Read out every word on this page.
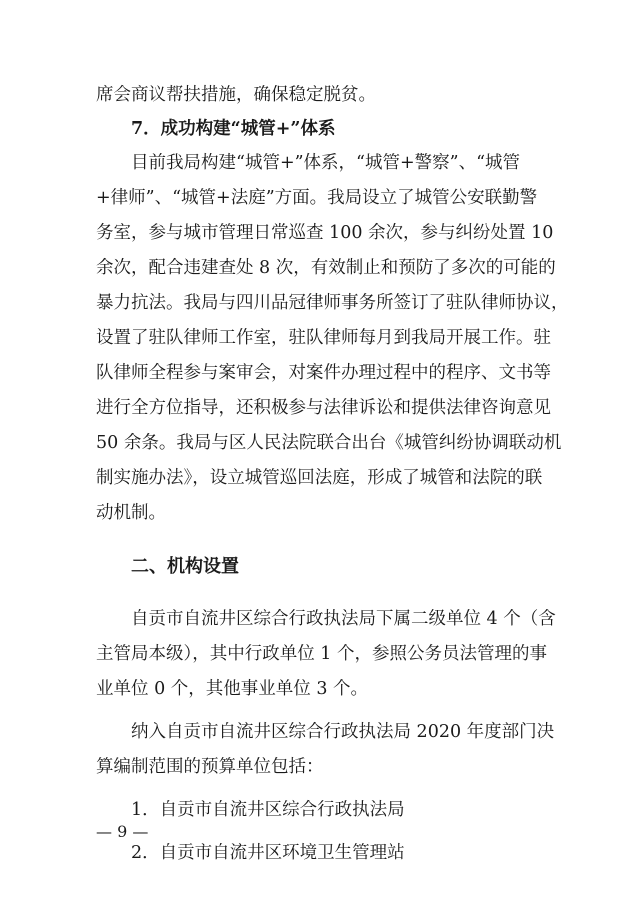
席会商议帮扶措施，确保稳定脱贫。
7．成功构建“城管+”体系
目前我局构建“城管+”体系，“城管+警察”、“城管
+律师”、“城管+法庭”方面。我局设立了城管公安联勤警
务室，参与城市管理日常巡查 100 余次，参与纠纷处置 10
余次，配合违建查处 8 次，有效制止和预防了多次的可能的
暴力抗法。我局与四川品冠律师事务所签订了驻队律师协议，
设置了驻队律师工作室，驻队律师每月到我局开展工作。驻
队律师全程参与案审会，对案件办理过程中的程序、文书等
进行全方位指导，还积极参与法律诉讼和提供法律咨询意见
50 余条。我局与区人民法院联合出台《城管纠纷协调联动机
制实施办法》，设立城管巡回法庭，形成了城管和法院的联
动机制。
二、机构设置
自贡市自流井区综合行政执法局下属二级单位 4 个（含
主管局本级），其中行政单位 1 个，参照公务员法管理的事
业单位 0 个，其他事业单位 3 个。
纳入自贡市自流井区综合行政执法局 2020 年度部门决
算编制范围的预算单位包括：
1．自贡市自流井区综合行政执法局
2．自贡市自流井区环境卫生管理站
— 9 —
